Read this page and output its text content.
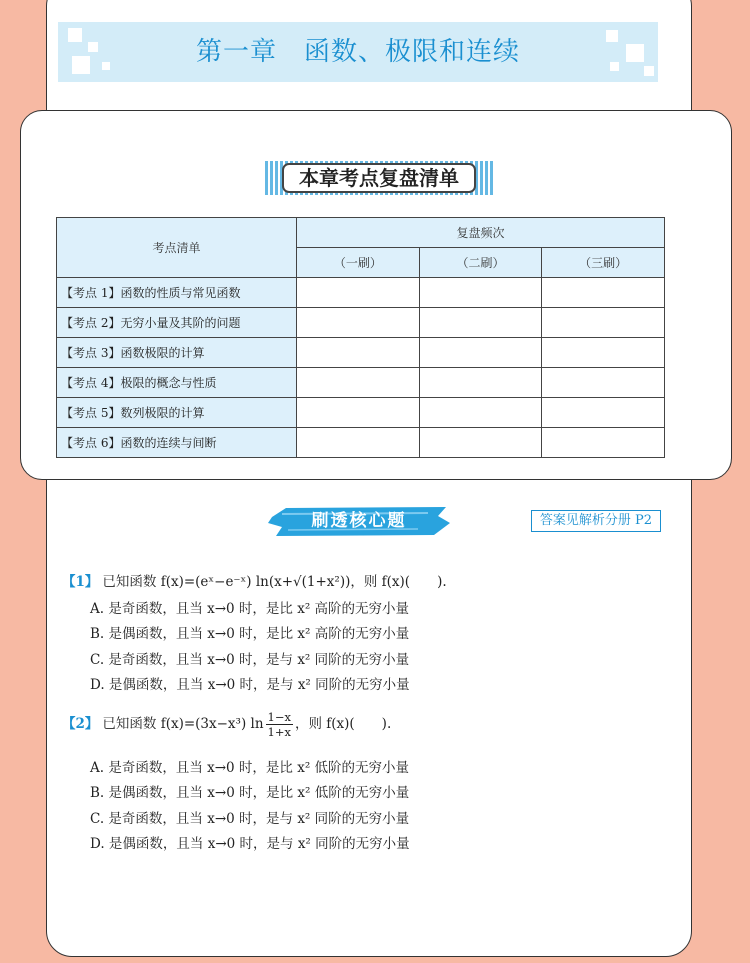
第一章　函数、极限和连续
本章考点复盘清单
考点清单	复盘频次		
	（一刷）	（二刷）	（三刷）
【考点 1】函数的性质与常见函数			
【考点 2】无穷小量及其阶的问题			
【考点 3】函数极限的计算			
【考点 4】极限的概念与性质			
【考点 5】数列极限的计算			
【考点 6】函数的连续与间断			
刷透核心题	答案见解析分册 P2
【1】 已知函数 f(x)=(eˣ−e⁻ˣ) ln(x+√(1+x²))，则 f(x)(　　).
A. 是奇函数，且当 x→0 时，是比 x² 高阶的无穷小量
B. 是偶函数，且当 x→0 时，是比 x² 高阶的无穷小量
C. 是奇函数，且当 x→0 时，是与 x² 同阶的无穷小量
D. 是偶函数，且当 x→0 时，是与 x² 同阶的无穷小量
【2】 已知函数 f(x)=(3x−x³) $\ln \frac{1-x}{1+x}$ ，则 f(x)(　　).
A. 是奇函数，且当 x→0 时，是比 x² 低阶的无穷小量
B. 是偶函数，且当 x→0 时，是比 x² 低阶的无穷小量
C. 是奇函数，且当 x→0 时，是与 x² 同阶的无穷小量
D. 是偶函数，且当 x→0 时，是与 x² 同阶的无穷小量
